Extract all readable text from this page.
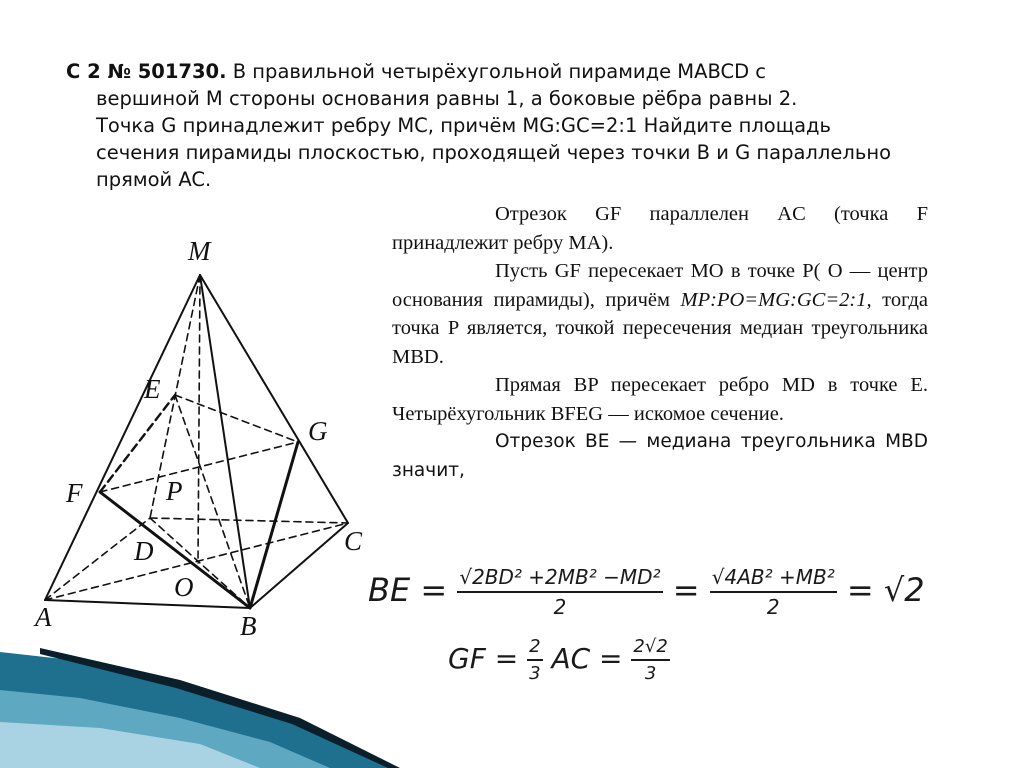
С 2 № 501730. В правильной четырёхугольной пирамиде MABCD с
вершиной M стороны основания равны 1, а боковые рёбра равны 2.
Точка G принадлежит ребру MC, причём MG:GC=2:1 Найдите площадь
сечения пирамиды плоскостью, проходящей через точки B и G параллельно
прямой AC.
M
E
G
F	P
D	C
O
A	B

Отрезок GF параллелен AC (точка F принадлежит ребру MA).

Пусть GF пересекает MO в точке P( O — центр основания пирамиды), причём MP:PO=MG:GC=2:1, тогда точка P является, точкой пересечения медиан треугольника MBD.

Прямая BP пересекает ребро MD в точке E. Четырёхугольник BFEG — искомое сечение.

Отрезок BE — медиана треугольника MBD значит,

BE = $\frac{\text{√2BD² +2MB² −MD²}}{2} = \frac{\text{√4AB² +MB²}}{2} = √2$
GF = $\frac{2}{3}$ AC = $\frac{2√2}{3}$
